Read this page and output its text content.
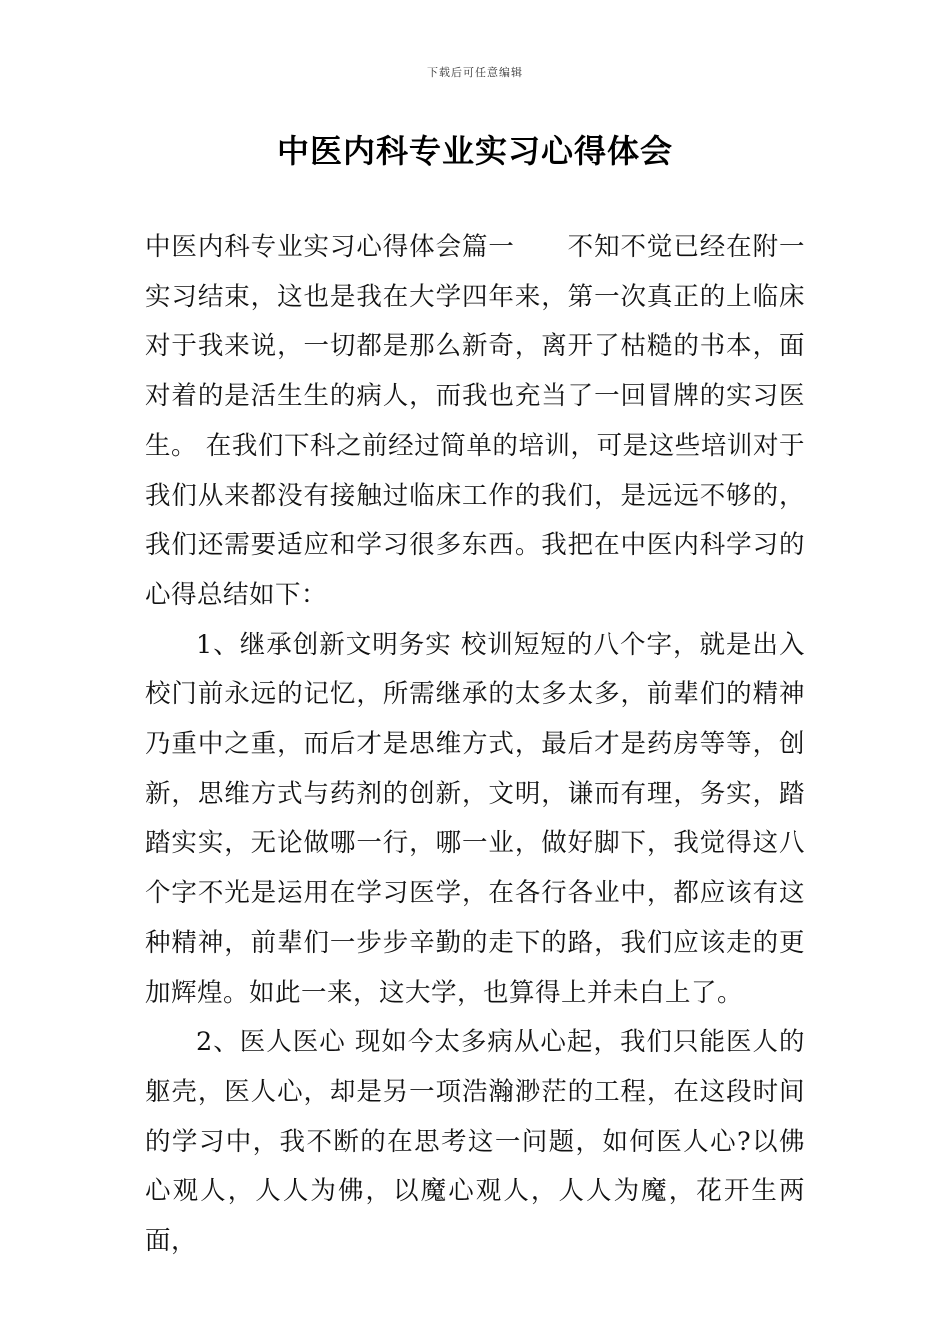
下载后可任意编辑
中医内科专业实习心得体会

中医内科专业实习心得体会篇一　　不知不觉已经在附一实习结束，这也是我在大学四年来，第一次真正的上临床对于我来说，一切都是那么新奇，离开了枯糙的书本，面对着的是活生生的病人，而我也充当了一回冒牌的实习医生。 在我们下科之前经过简单的培训，可是这些培训对于我们从来都没有接触过临床工作的我们，是远远不够的，我们还需要适应和学习很多东西。我把在中医内科学习的心得总结如下：

1、继承创新文明务实 校训短短的八个字，就是出入校门前永远的记忆，所需继承的太多太多，前辈们的精神乃重中之重，而后才是思维方式，最后才是药房等等，创新，思维方式与药剂的创新，文明，谦而有理，务实，踏踏实实，无论做哪一行，哪一业，做好脚下，我觉得这八个字不光是运用在学习医学，在各行各业中，都应该有这种精神，前辈们一步步辛勤的走下的路，我们应该走的更加辉煌。如此一来，这大学，也算得上并未白上了。

2、医人医心 现如今太多病从心起，我们只能医人的躯壳，医人心，却是另一项浩瀚渺茫的工程，在这段时间的学习中，我不断的在思考这一问题，如何医人心?以佛心观人，人人为佛，以魔心观人，人人为魔，花开生两面，
